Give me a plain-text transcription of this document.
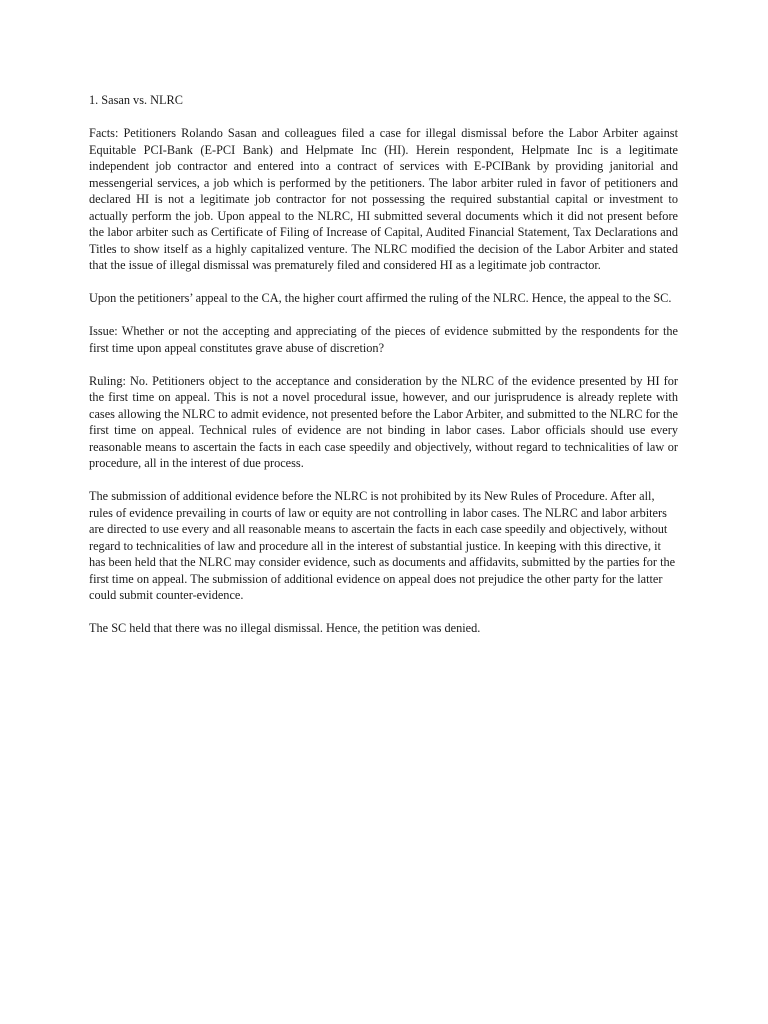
1. Sasan vs. NLRC

Facts: Petitioners Rolando Sasan and colleagues filed a case for illegal dismissal before the Labor Arbiter against Equitable PCI-Bank (E-PCI Bank) and Helpmate Inc (HI). Herein respondent, Helpmate Inc is a legitimate independent job contractor and entered into a contract of services with E-PCIBank by providing janitorial and messengerial services, a job which is performed by the petitioners. The labor arbiter ruled in favor of petitioners and declared HI is not a legitimate job contractor for not possessing the required substantial capital or investment to actually perform the job. Upon appeal to the NLRC, HI submitted several documents which it did not present before the labor arbiter such as Certificate of Filing of Increase of Capital, Audited Financial Statement, Tax Declarations and Titles to show itself as a highly capitalized venture. The NLRC modified the decision of the Labor Arbiter and stated that the issue of illegal dismissal was prematurely filed and considered HI as a legitimate job contractor.

Upon the petitioners’ appeal to the CA, the higher court affirmed the ruling of the NLRC. Hence, the appeal to the SC.

Issue: Whether or not the accepting and appreciating of the pieces of evidence submitted by the respondents for the first time upon appeal constitutes grave abuse of discretion?

Ruling: No. Petitioners object to the acceptance and consideration by the NLRC of the evidence presented by HI for the first time on appeal. This is not a novel procedural issue, however, and our jurisprudence is already replete with cases allowing the NLRC to admit evidence, not presented before the Labor Arbiter, and submitted to the NLRC for the first time on appeal. Technical rules of evidence are not binding in labor cases. Labor officials should use every reasonable means to ascertain the facts in each case speedily and objectively, without regard to technicalities of law or procedure, all in the interest of due process.

The submission of additional evidence before the NLRC is not prohibited by its New Rules of Procedure. After all, rules of evidence prevailing in courts of law or equity are not controlling in labor cases. The NLRC and labor arbiters are directed to use every and all reasonable means to ascertain the facts in each case speedily and objectively, without regard to technicalities of law and procedure all in the interest of substantial justice. In keeping with this directive, it has been held that the NLRC may consider evidence, such as documents and affidavits, submitted by the parties for the first time on appeal. The submission of additional evidence on appeal does not prejudice the other party for the latter could submit counter-evidence.

The SC held that there was no illegal dismissal. Hence, the petition was denied.
